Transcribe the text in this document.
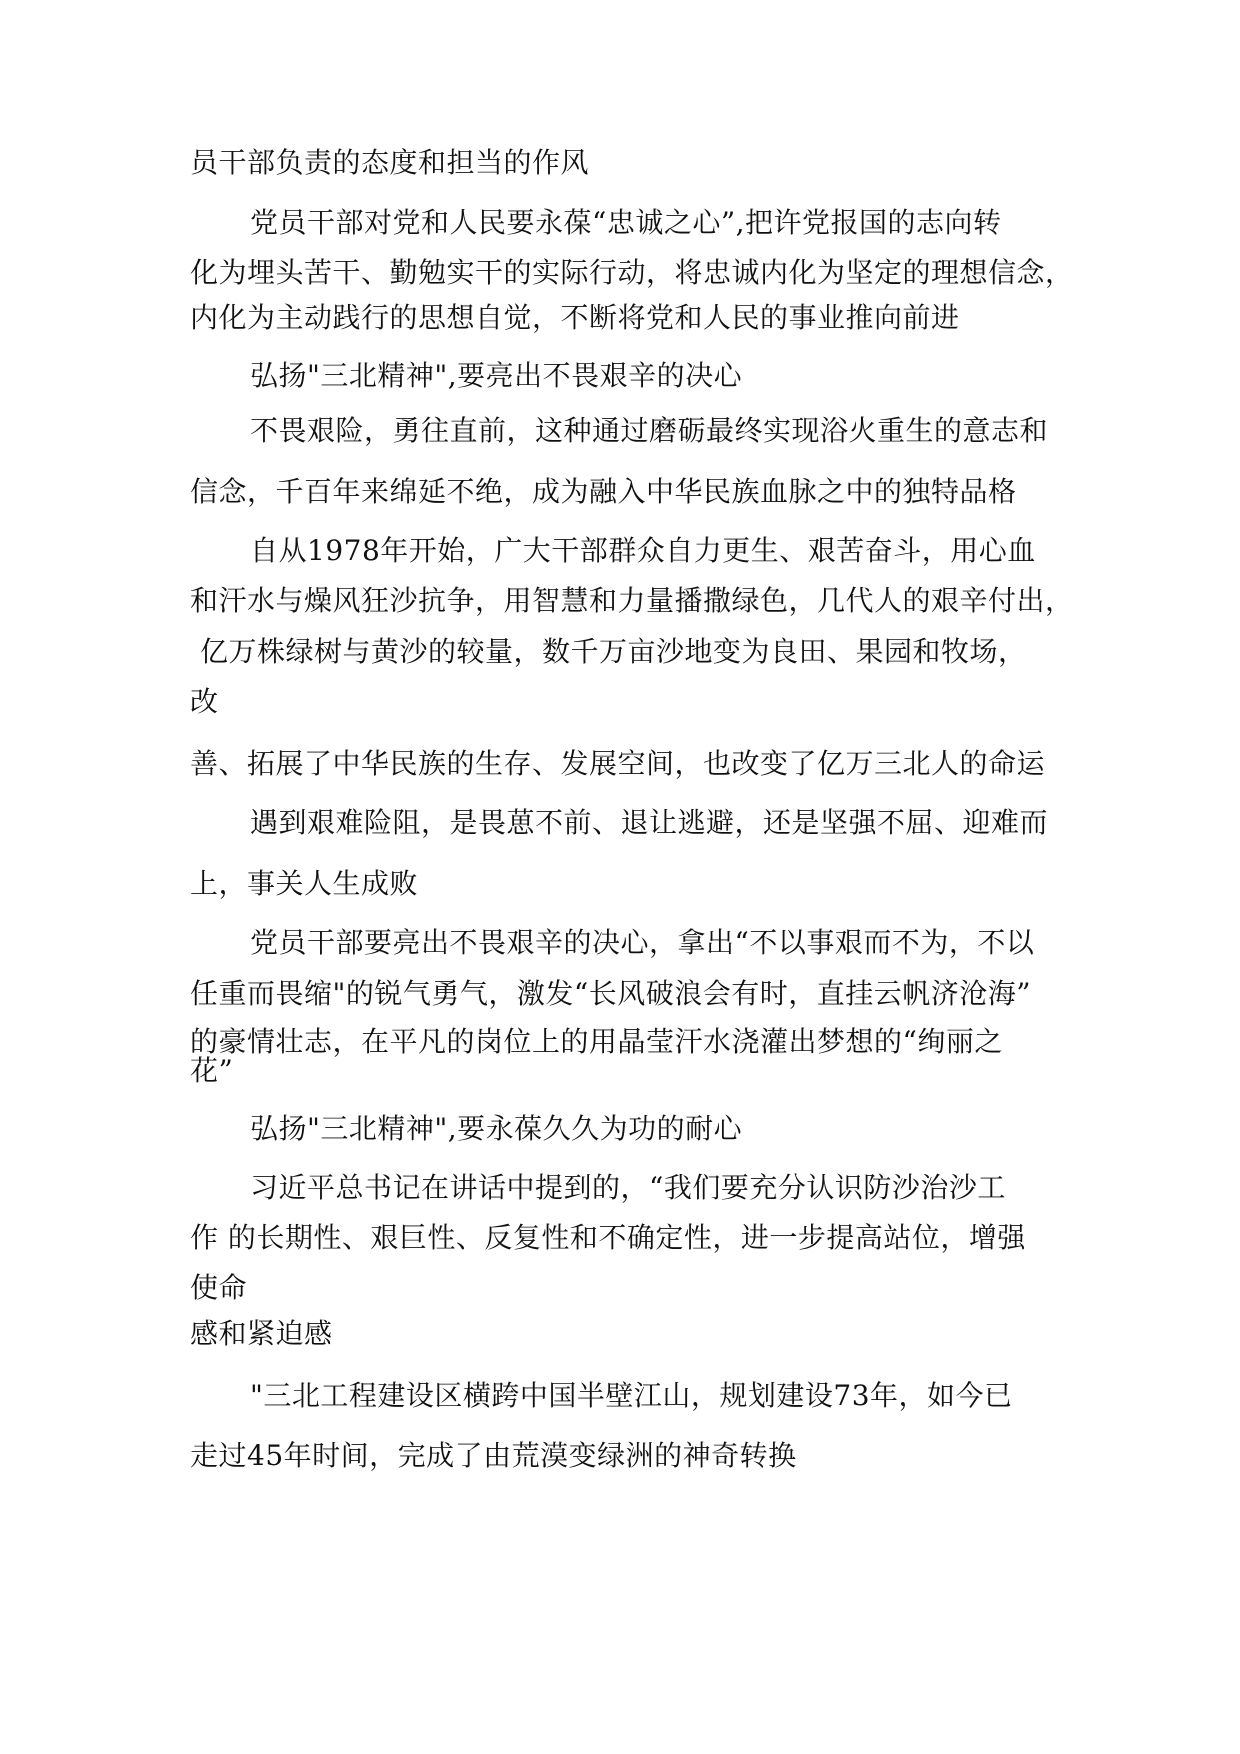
员干部负责的态度和担当的作风

党员干部对党和人民要永葆“忠诚之心”,把许党报国的志向转

化为埋头苦干、勤勉实干的实际行动，将忠诚内化为坚定的理想信念，

内化为主动践行的思想自觉，不断将党和人民的事业推向前进

弘扬"三北精神",要亮出不畏艰辛的决心

不畏艰险，勇往直前，这种通过磨砺最终实现浴火重生的意志和

信念，千百年来绵延不绝，成为融入中华民族血脉之中的独特品格

自从1978年开始，广大干部群众自力更生、艰苦奋斗，用心血

和汗水与燥风狂沙抗争，用智慧和力量播撒绿色，几代人的艰辛付出，

亿万株绿树与黄沙的较量，数千万亩沙地变为良田、果园和牧场，

改

善、拓展了中华民族的生存、发展空间，也改变了亿万三北人的命运

遇到艰难险阻，是畏葸不前、退让逃避，还是坚强不屈、迎难而

上，事关人生成败

党员干部要亮出不畏艰辛的决心，拿出“不以事艰而不为，不以

任重而畏缩"的锐气勇气，激发“长风破浪会有时，直挂云帆济沧海”

的豪情壮志，在平凡的岗位上的用晶莹汗水浇灌出梦想的“绚丽之

花”

弘扬"三北精神",要永葆久久为功的耐心

习近平总书记在讲话中提到的，“我们要充分认识防沙治沙工

作 的长期性、艰巨性、反复性和不确定性，进一步提高站位，增强

使命

感和紧迫感

"三北工程建设区横跨中国半壁江山，规划建设73年，如今已

走过45年时间，完成了由荒漠变绿洲的神奇转换
